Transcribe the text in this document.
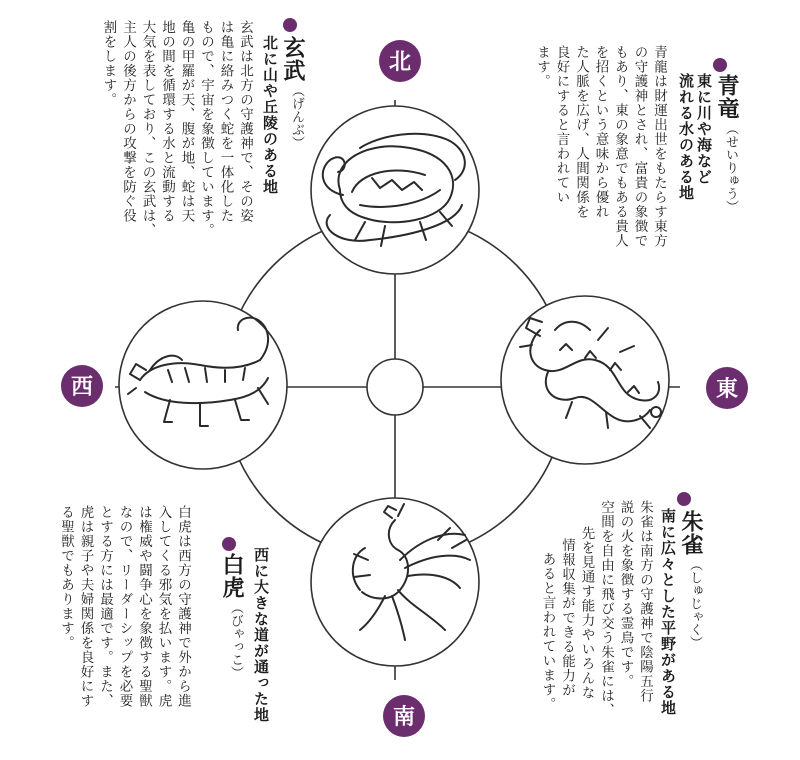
北
東
南
西
玄武
（げんぶ）
北に山や丘陵のある地
玄武は北方の守護神で、その姿
は亀に絡みつく蛇を一体化した
もので、宇宙を象徴しています。
亀の甲羅が天、腹が地、蛇は天
地の間を循環する水と流動する
大気を表しており、この玄武は、
主人の後方からの攻撃を防ぐ役
割をします。	青竜
（せいりゅう）
東に川や海など
流れる水のある地
青龍は財運出世をもたらす東方
の守護神とされ、富貴の象徴で
もあり、東の象意でもある貴人
を招くという意味から優れ
た人脈を広げ、人間関係を
良好にすると言われてい
ます。
白虎
（びゃっこ） 西に大きな道が通った地
白虎は西方の守護神で外から進
入してくる邪気を払います。虎
は権威や闘争心を象徴する聖獣
なので、リーダーシップを必要
とする方には最適です。また、
虎は親子や夫婦関係を良好にす
る聖獣でもあります。	朱雀
（しゅじゃく）
南に広々とした平野がある地
朱雀は南方の守護神で陰陽五行
説の火を象徴する霊鳥です。
空間を自由に飛び交う朱雀には、
先を見通す能力やいろんな
情報収集ができる能力が
あると言われています。
